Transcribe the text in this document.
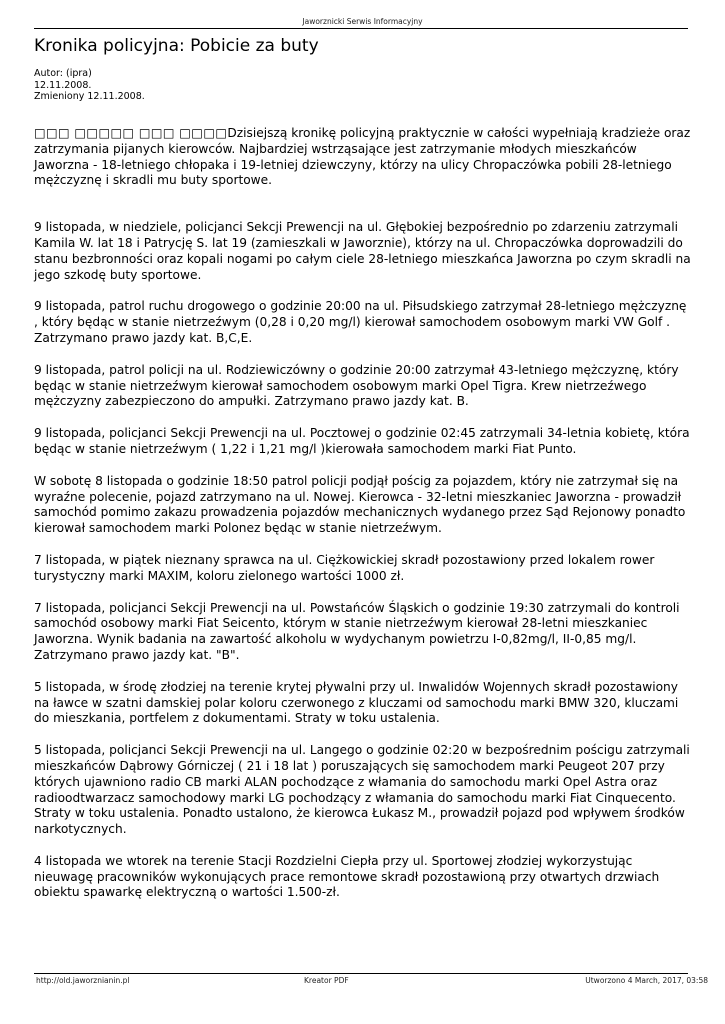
Jaworznicki Serwis Informacyjny
Kronika policyjna: Pobicie za buty
Autor: (ipra)
12.11.2008.
Zmieniony 12.11.2008.

□□□ □□□□□ □□□ □□□□Dzisiejszą kronikę policyjną praktycznie w całości wypełniają kradzieże oraz zatrzymania pijanych kierowców. Najbardziej wstrząsające jest zatrzymanie młodych mieszkańców Jaworzna - 18-letniego chłopaka i 19-letniej dziewczyny, którzy na ulicy Chropaczówka pobili 28-letniego mężczyznę i skradli mu buty sportowe.

9 listopada, w niedziele, policjanci Sekcji Prewencji na ul. Głębokiej bezpośrednio po zdarzeniu zatrzymali Kamila W. lat 18 i Patrycję S. lat 19 (zamieszkali w Jaworznie), którzy na ul. Chropaczówka doprowadzili do stanu bezbronności oraz kopali nogami po całym ciele 28-letniego mieszkańca Jaworzna po czym skradli na jego szkodę buty sportowe.

9 listopada, patrol ruchu drogowego o godzinie 20:00 na ul. Piłsudskiego zatrzymał 28-letniego mężczyznę , który będąc w stanie nietrzeźwym (0,28 i 0,20 mg/l) kierował samochodem osobowym marki VW Golf . Zatrzymano prawo jazdy kat. B,C,E.

9 listopada, patrol policji na ul. Rodziewiczówny o godzinie 20:00 zatrzymał 43-letniego mężczyznę, który będąc w stanie nietrzeźwym kierował samochodem osobowym marki Opel Tigra. Krew nietrzeźwego mężczyzny zabezpieczono do ampułki. Zatrzymano prawo jazdy kat. B.

9 listopada, policjanci Sekcji Prewencji na ul. Pocztowej o godzinie 02:45 zatrzymali 34-letnia kobietę, która będąc w stanie nietrzeźwym ( 1,22 i 1,21 mg/l )kierowała samochodem marki Fiat Punto.

W sobotę 8 listopada o godzinie 18:50 patrol policji podjął pościg za pojazdem, który nie zatrzymał się na wyraźne polecenie, pojazd zatrzymano na ul. Nowej. Kierowca - 32-letni mieszkaniec Jaworzna - prowadził samochód pomimo zakazu prowadzenia pojazdów mechanicznych wydanego przez Sąd Rejonowy ponadto kierował samochodem marki Polonez będąc w stanie nietrzeźwym.

7 listopada, w piątek nieznany sprawca na ul. Ciężkowickiej skradł pozostawiony przed lokalem rower turystyczny marki MAXIM, koloru zielonego wartości 1000 zł.

7 listopada, policjanci Sekcji Prewencji na ul. Powstańców Śląskich o godzinie 19:30 zatrzymali do kontroli samochód osobowy marki Fiat Seicento, którym w stanie nietrzeźwym kierował 28-letni mieszkaniec Jaworzna. Wynik badania na zawartość alkoholu w wydychanym powietrzu I-0,82mg/l, II-0,85 mg/l. Zatrzymano prawo jazdy kat. "B".

5 listopada, w środę złodziej na terenie krytej pływalni przy ul. Inwalidów Wojennych skradł pozostawiony na ławce w szatni damskiej polar koloru czerwonego z kluczami od samochodu marki BMW 320, kluczami do mieszkania, portfelem z dokumentami. Straty w toku ustalenia.

5 listopada, policjanci Sekcji Prewencji na ul. Langego o godzinie 02:20 w bezpośrednim pościgu zatrzymali mieszkańców Dąbrowy Górniczej ( 21 i 18 lat ) poruszających się samochodem marki Peugeot 207 przy których ujawniono radio CB marki ALAN pochodzące z włamania do samochodu marki Opel Astra oraz radioodtwarzacz samochodowy marki LG pochodzący z włamania do samochodu marki Fiat Cinquecento. Straty w toku ustalenia. Ponadto ustalono, że kierowca Łukasz M., prowadził pojazd pod wpływem środków narkotycznych.

4 listopada we wtorek na terenie Stacji Rozdzielni Ciepła przy ul. Sportowej złodziej wykorzystując nieuwagę pracowników wykonujących prace remontowe skradł pozostawioną przy otwartych drzwiach obiektu spawarkę elektryczną o wartości 1.500-zł.

http://old.jaworznianin.pl	Kreator PDF	Utworzono 4 March, 2017, 03:58
